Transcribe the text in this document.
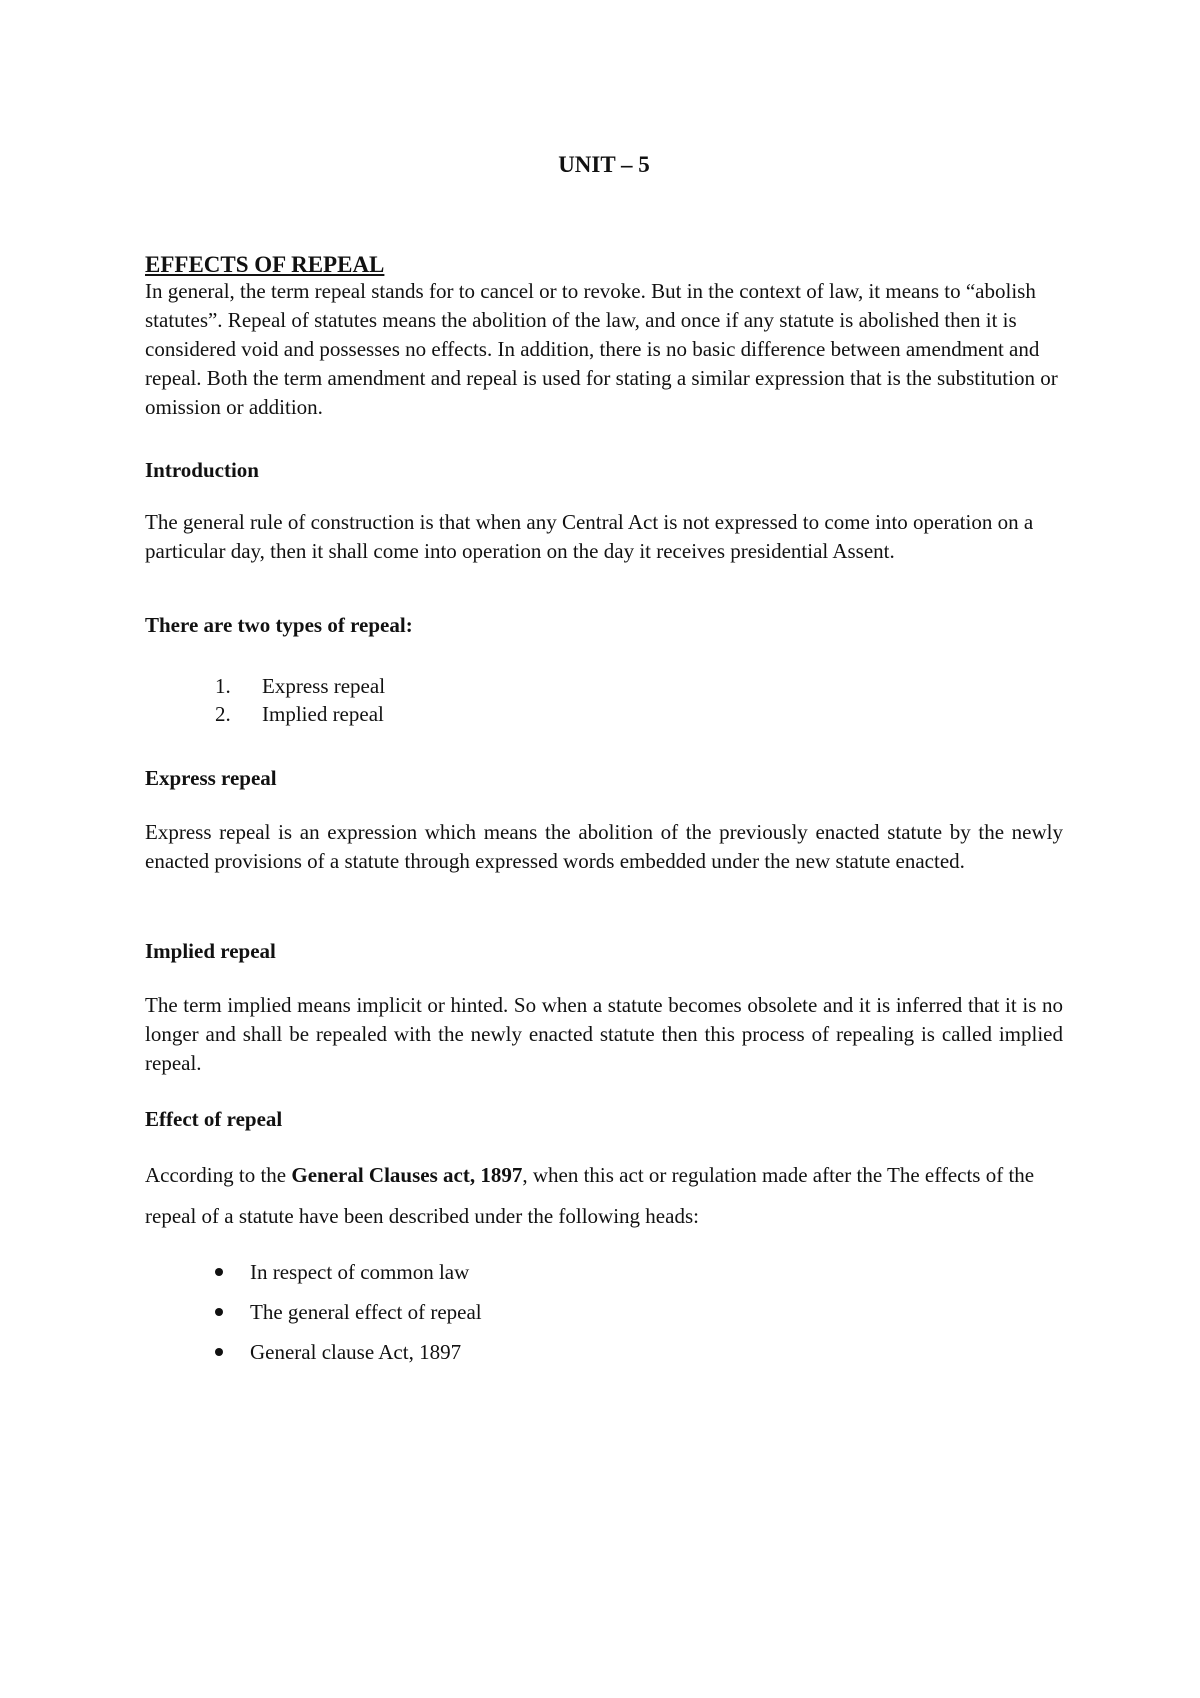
UNIT – 5
EFFECTS OF REPEAL

In general, the term repeal stands for to cancel or to revoke. But in the context of law, it means to “abolish statutes”. Repeal of statutes means the abolition of the law, and once if any statute is abolished then it is considered void and possesses no effects. In addition, there is no basic difference between amendment and repeal. Both the term amendment and repeal is used for stating a similar expression that is the substitution or omission or addition.

Introduction

The general rule of construction is that when any Central Act is not expressed to come into operation on a particular day, then it shall come into operation on the day it receives presidential Assent.

There are two types of repeal:
1. Express repeal
2. Implied repeal
Express repeal

Express repeal is an expression which means the abolition of the previously enacted statute by the newly enacted provisions of a statute through expressed words embedded under the new statute enacted.

Implied repeal

The term implied means implicit or hinted. So when a statute becomes obsolete and it is inferred that it is no longer and shall be repealed with the newly enacted statute then this process of repealing is called implied repeal.

Effect of repeal

According to the General Clauses act, 1897, when this act or regulation made after the The effects of the repeal of a statute have been described under the following heads:

In respect of common law
The general effect of repeal
General clause Act, 1897
